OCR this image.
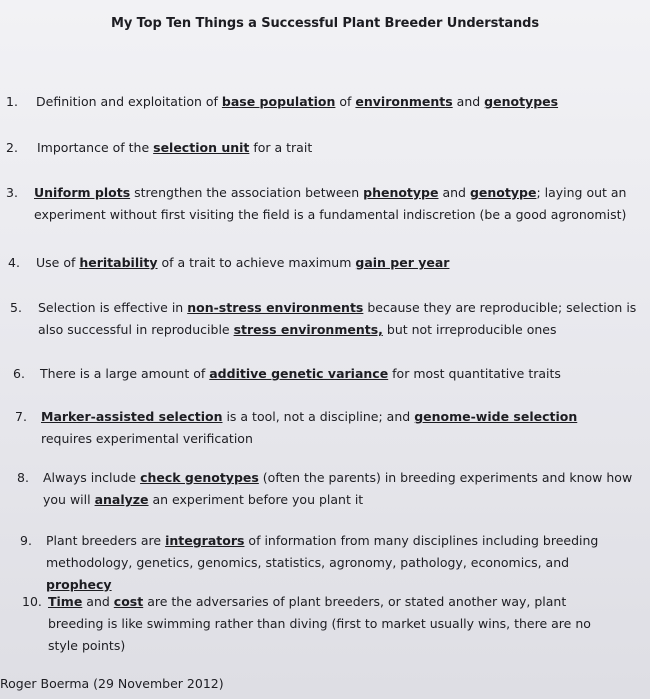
My Top Ten Things a Successful Plant Breeder Understands
1. Definition and exploitation of base population of environments and genotypes
2. Importance of the selection unit for a trait
3. Uniform plots strengthen the association between phenotype and genotype; laying out an experiment without first visiting the field is a fundamental indiscretion (be a good agronomist)
4. Use of heritability of a trait to achieve maximum gain per year
5. Selection is effective in non-stress environments because they are reproducible; selection is also successful in reproducible stress environments, but not irreproducible ones
6. There is a large amount of additive genetic variance for most quantitative traits
7. Marker-assisted selection is a tool, not a discipline; and genome-wide selection requires experimental verification
8. Always include check genotypes (often the parents) in breeding experiments and know how you will analyze an experiment before you plant it
9. Plant breeders are integrators of information from many disciplines including breeding methodology, genetics, genomics, statistics, agronomy, pathology, economics, and prophecy
10. Time and cost are the adversaries of plant breeders, or stated another way, plant breeding is like swimming rather than diving (first to market usually wins, there are no style points)
Roger Boerma (29 November 2012)
